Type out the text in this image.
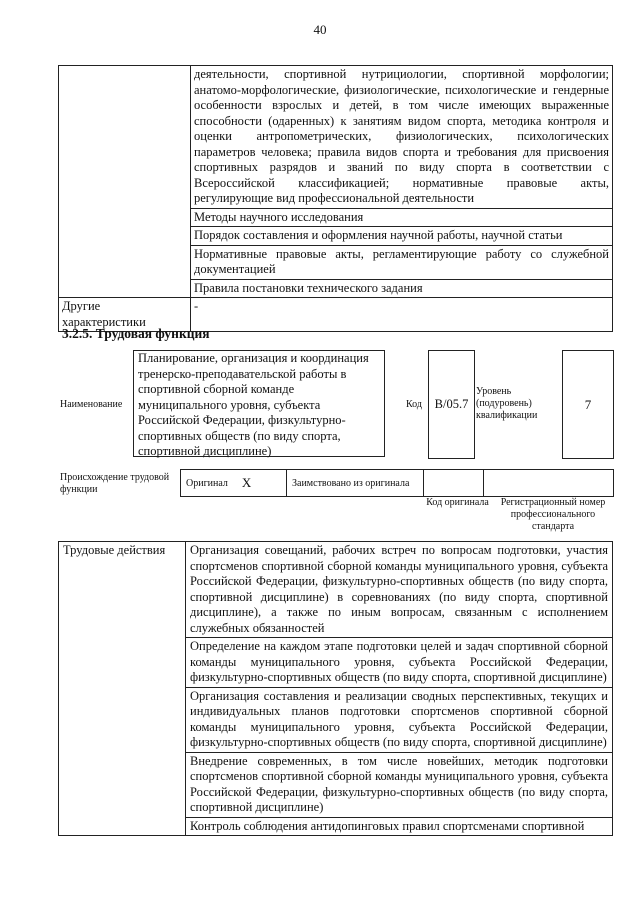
40
	деятельности, спортивной нутрициологии, спортивной морфологии; анатомо-морфологические, физиологические, психологические и гендерные особенности взрослых и детей, в том числе имеющих выраженные способности (одаренных) к занятиям видом спорта, методика контроля и оценки антропометрических, физиологических, психологических параметров человека; правила видов спорта и требования для присвоения спортивных разрядов и званий по виду спорта в соответствии с Всероссийской классификацией; нормативные правовые акты, регулирующие вид профессиональной деятельности
	Методы научного исследования
	Порядок составления и оформления научной работы, научной статьи
	Нормативные правовые акты, регламентирующие работу со служебной документацией
	Правила постановки технического задания
Другие характеристики	-
3.2.5. Трудовая функция
Наименование
Планирование, организация и координация тренерско-преподавательской работы в спортивной сборной команде муниципального уровня, субъекта Российской Федерации, физкультурно-спортивных обществ (по виду спорта, спортивной дисциплине)
Код	B/05.7
Уровень (подуровень) квалификации
7
Происхождение трудовой функции
Оригинал X	Заимствовано из оригинала
Код оригинала	Регистрационный номер профессионального стандарта
Трудовые действия	Организация совещаний, рабочих встреч по вопросам подготовки, участия спортсменов спортивной сборной команды муниципального уровня, субъекта Российской Федерации, физкультурно-спортивных обществ (по виду спорта, спортивной дисциплине) в соревнованиях (по виду спорта, спортивной дисциплине), а также по иным вопросам, связанным с исполнением служебных обязанностей
Определение на каждом этапе подготовки целей и задач спортивной сборной команды муниципального уровня, субъекта Российской Федерации, физкультурно-спортивных обществ (по виду спорта, спортивной дисциплине)
Организация составления и реализации сводных перспективных, текущих и индивидуальных планов подготовки спортсменов спортивной сборной команды муниципального уровня, субъекта Российской Федерации, физкультурно-спортивных обществ (по виду спорта, спортивной дисциплине)
Внедрение современных, в том числе новейших, методик подготовки спортсменов спортивной сборной команды муниципального уровня, субъекта Российской Федерации, физкультурно-спортивных обществ (по виду спорта, спортивной дисциплине)
Контроль соблюдения антидопинговых правил спортсменами спортивной
